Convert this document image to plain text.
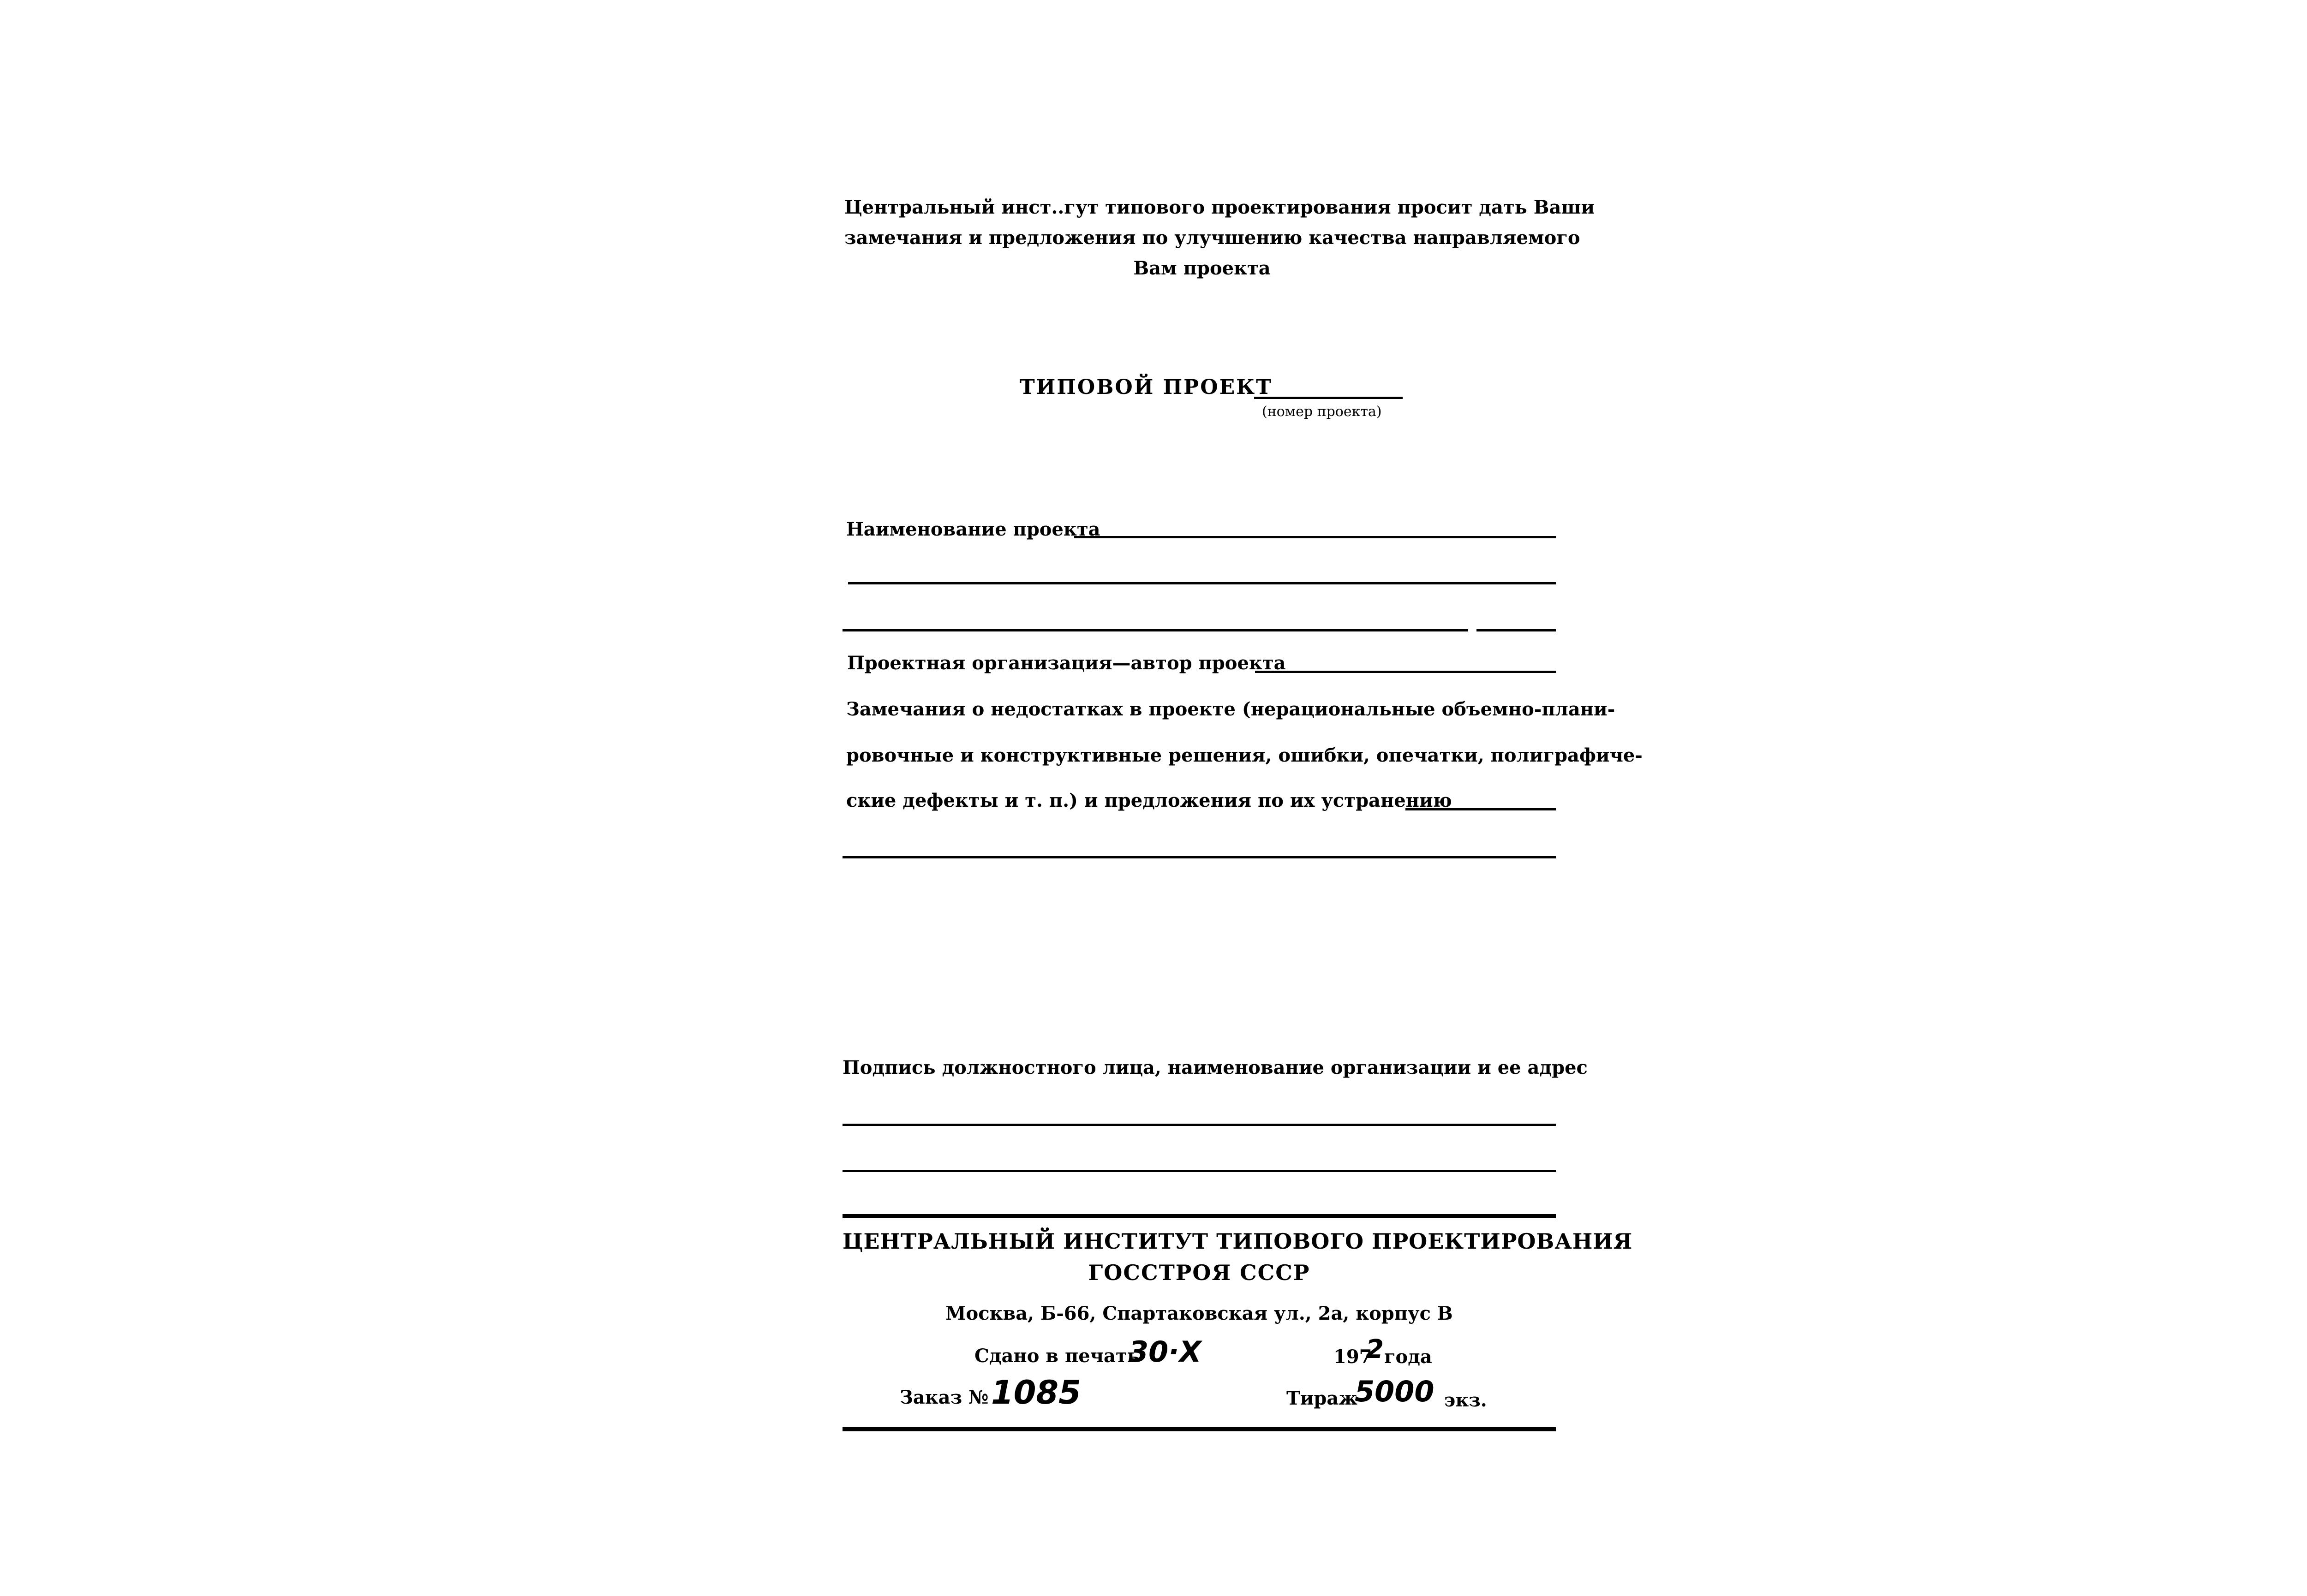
Центральный инст..гут типового проектирования просит дать Ваши
замечания и предложения по улучшению качества направляемого
Вам проекта
ТИПОВОЙ ПРОЕКТ
(номер проекта)
Наименование проекта
Проектная организация—автор проекта
Замечания о недостатках в проекте (нерациональные объемно-плани-
ровочные и конструктивные решения, ошибки, опечатки, полиграфиче-
ские дефекты и т. п.) и предложения по их устранению
Подпись должностного лица, наименование организации и ее адрес
ЦЕНТРАЛЬНЫЙ ИНСТИТУТ ТИПОВОГО ПРОЕКТИРОВАНИЯ
ГОССТРОЯ СССР
Москва, Б-66, Спартаковская ул., 2а, корпус В
Сдано в печать
30·X	197
2 года
Заказ № 1085	Тираж
5000 экз.
